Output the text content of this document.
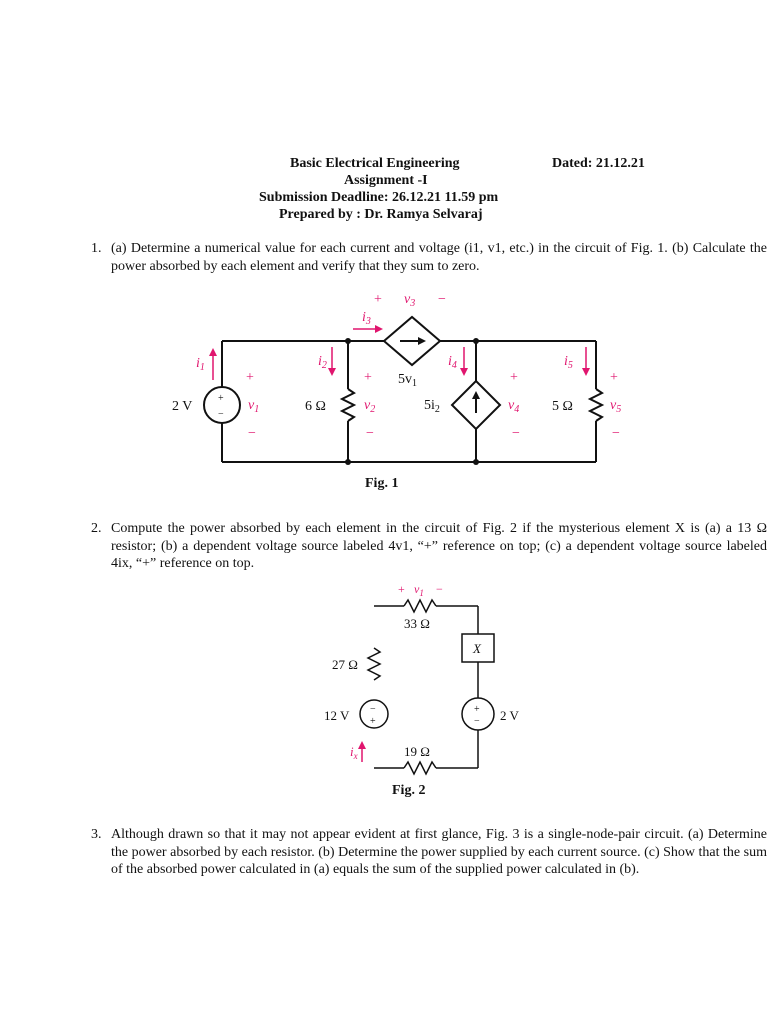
Basic Electrical Engineering	Dated: 21.12.21
Assignment -I
Submission Deadline: 26.12.21 11.59 pm
Prepared by : Dr. Ramya Selvaraj
1. (a) Determine a numerical value for each current and voltage (i1, v1, etc.) in the circuit of Fig. 1. (b) Calculate the power absorbed by each element and verify that they sum to zero.
2 V
+
−
6 Ω
$5v_1$
$5i_2$	5 Ω
$i_1$
+
$v_1$
−
$i_2$
+
$v_2$
−
+ $v_3$ −
$i_3$
$i_4$
+
$v_4$
−
$i_5$
+
$v_5$
−
Fig. 1
2. Compute the power absorbed by each element in the circuit of Fig. 2 if the mysterious element X is (a) a 13 Ω resistor; (b) a dependent voltage source labeled 4v1, “+” reference on top; (c) a dependent voltage source labeled 4ix, “+” reference on top.
+ $v_1$ −
33 Ω
X
27 Ω
12 V −
+	2 V
+
−
19 Ω
$i_x$
Fig. 2
3. Although drawn so that it may not appear evident at first glance, Fig. 3 is a single-node-pair circuit. (a) Determine the power absorbed by each resistor. (b) Determine the power supplied by each current source. (c) Show that the sum of the absorbed power calculated in (a) equals the sum of the supplied power calculated in (b).
